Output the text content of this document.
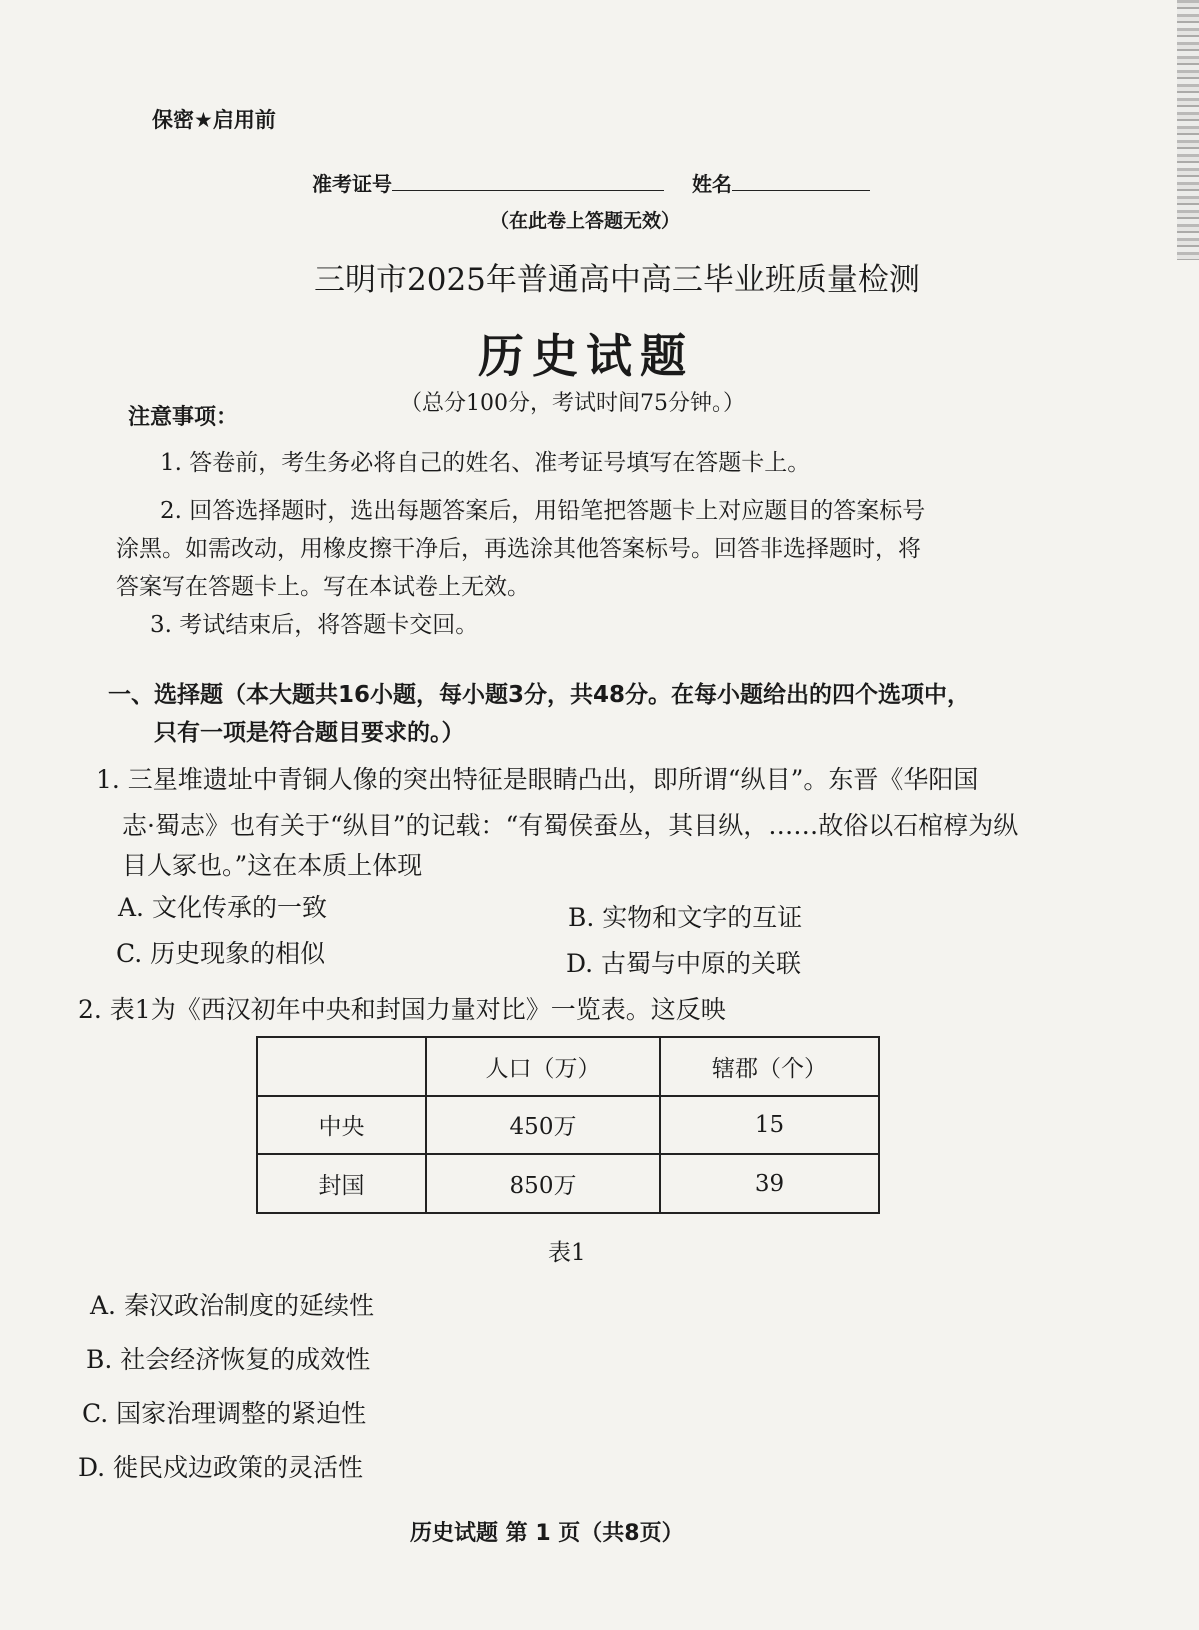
保密★启用前
准考证号	姓名
（在此卷上答题无效）
三明市2025年普通高中高三毕业班质量检测
历史试题
（总分100分，考试时间75分钟。）
注意事项：
1. 答卷前，考生务必将自己的姓名、准考证号填写在答题卡上。
2. 回答选择题时，选出每题答案后，用铅笔把答题卡上对应题目的答案标号
涂黑。如需改动，用橡皮擦干净后，再选涂其他答案标号。回答非选择题时，将
答案写在答题卡上。写在本试卷上无效。
3. 考试结束后，将答题卡交回。
一、选择题（本大题共16小题，每小题3分，共48分。在每小题给出的四个选项中，
只有一项是符合题目要求的。）
1. 三星堆遗址中青铜人像的突出特征是眼睛凸出，即所谓“纵目”。东晋《华阳国
志·蜀志》也有关于“纵目”的记载：“有蜀侯蚕丛，其目纵，……故俗以石棺椁为纵
目人冢也。”这在本质上体现
A. 文化传承的一致	B. 实物和文字的互证
C. 历史现象的相似	D. 古蜀与中原的关联
2. 表1为《西汉初年中央和封国力量对比》一览表。这反映
	人口（万）	辖郡（个）
中央	450万	15
封国	850万	39
表1
A. 秦汉政治制度的延续性
B. 社会经济恢复的成效性
C. 国家治理调整的紧迫性
D. 徙民戍边政策的灵活性
历史试题 第 1 页（共8页）
